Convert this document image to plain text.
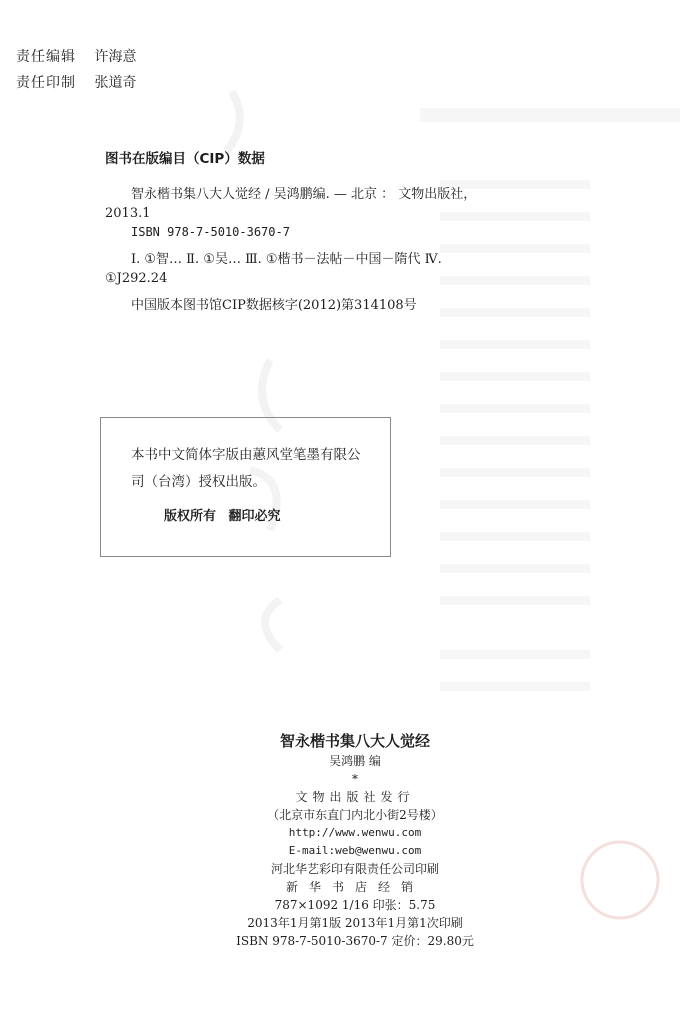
责任编辑 许海意
责任印制 张道奇
图书在版编目（CIP）数据
智永楷书集八大人觉经 / 吴鸿鹏编. — 北京 ： 文物出版社，2013.1
ISBN 978-7-5010-3670-7
Ⅰ. ①智… Ⅱ. ①吴… Ⅲ. ①楷书－法帖－中国－隋代 Ⅳ. ①J292.24
中国版本图书馆CIP数据核字(2012)第314108号
本书中文简体字版由蕙风堂笔墨有限公司（台湾）授权出版。
版权所有 翻印必究
智永楷书集八大人觉经
吴鸿鹏 编
*
文物出版社发行
（北京市东直门内北小街2号楼）
http://www.wenwu.com
E-mail:web@wenwu.com
河北华艺彩印有限责任公司印刷
新华书店经销
787×1092 1/16 印张：5.75
2013年1月第1版 2013年1月第1次印刷
ISBN 978-7-5010-3670-7 定价：29.80元
